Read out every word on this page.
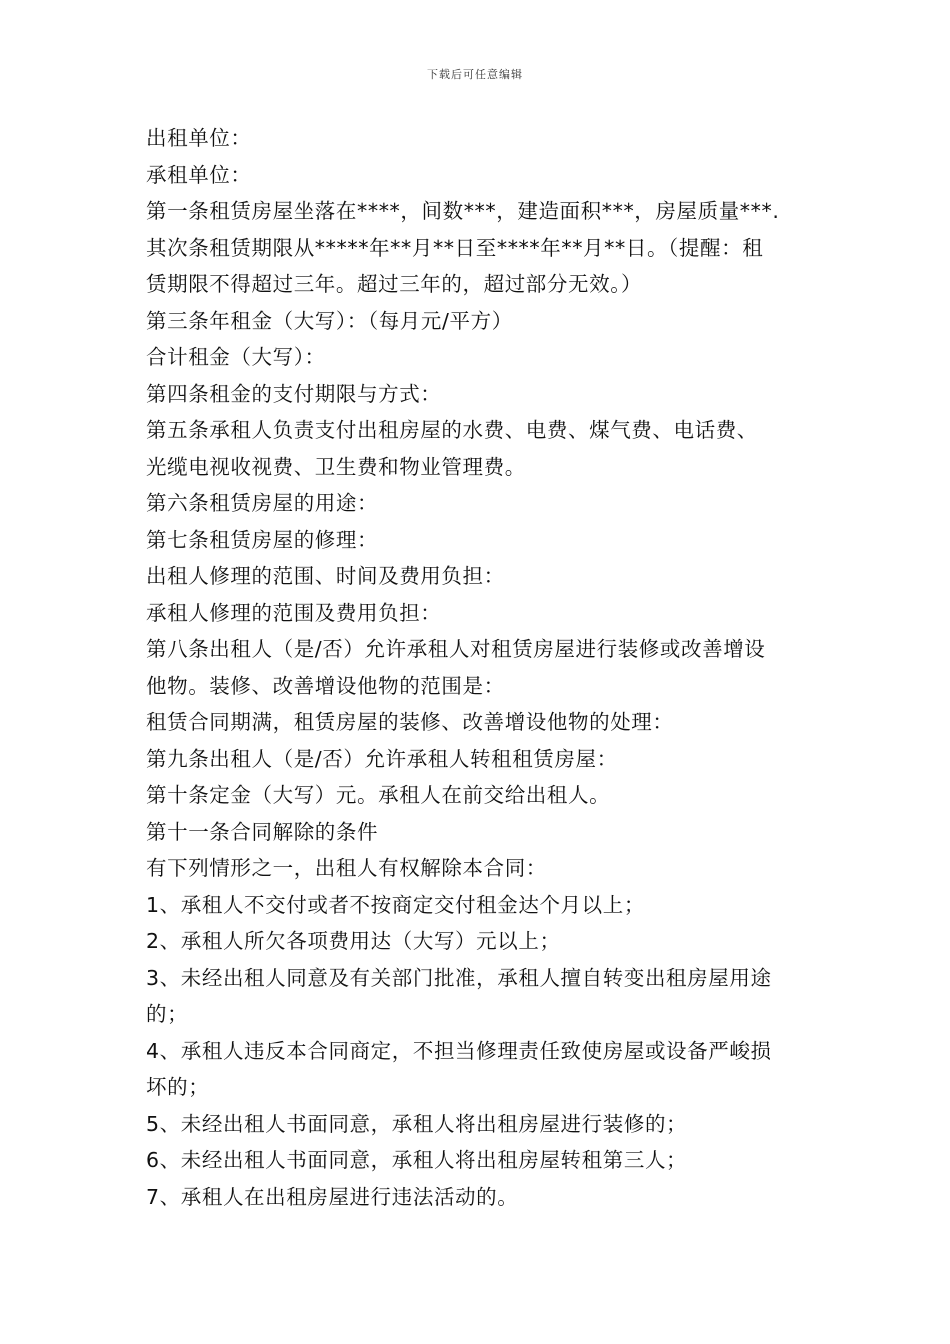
下载后可任意编辑

出租单位：

承租单位：

第一条租赁房屋坐落在****，间数***，建造面积***，房屋质量***.

其次条租赁期限从*****年**月**日至****年**月**日。（提醒：租

赁期限不得超过三年。超过三年的，超过部分无效。）

第三条年租金（大写）：（每月元/平方）

合计租金（大写）：

第四条租金的支付期限与方式：

第五条承租人负责支付出租房屋的水费、电费、煤气费、电话费、

光缆电视收视费、卫生费和物业管理费。

第六条租赁房屋的用途：

第七条租赁房屋的修理：

出租人修理的范围、时间及费用负担：

承租人修理的范围及费用负担：

第八条出租人（是/否）允许承租人对租赁房屋进行装修或改善增设

他物。装修、改善增设他物的范围是：

租赁合同期满，租赁房屋的装修、改善增设他物的处理：

第九条出租人（是/否）允许承租人转租租赁房屋：

第十条定金（大写）元。承租人在前交给出租人。

第十一条合同解除的条件

有下列情形之一，出租人有权解除本合同：

1、承租人不交付或者不按商定交付租金达个月以上；

2、承租人所欠各项费用达（大写）元以上；

3、未经出租人同意及有关部门批准，承租人擅自转变出租房屋用途

的；

4、承租人违反本合同商定，不担当修理责任致使房屋或设备严峻损

坏的；

5、未经出租人书面同意，承租人将出租房屋进行装修的；

6、未经出租人书面同意，承租人将出租房屋转租第三人；

7、承租人在出租房屋进行违法活动的。
